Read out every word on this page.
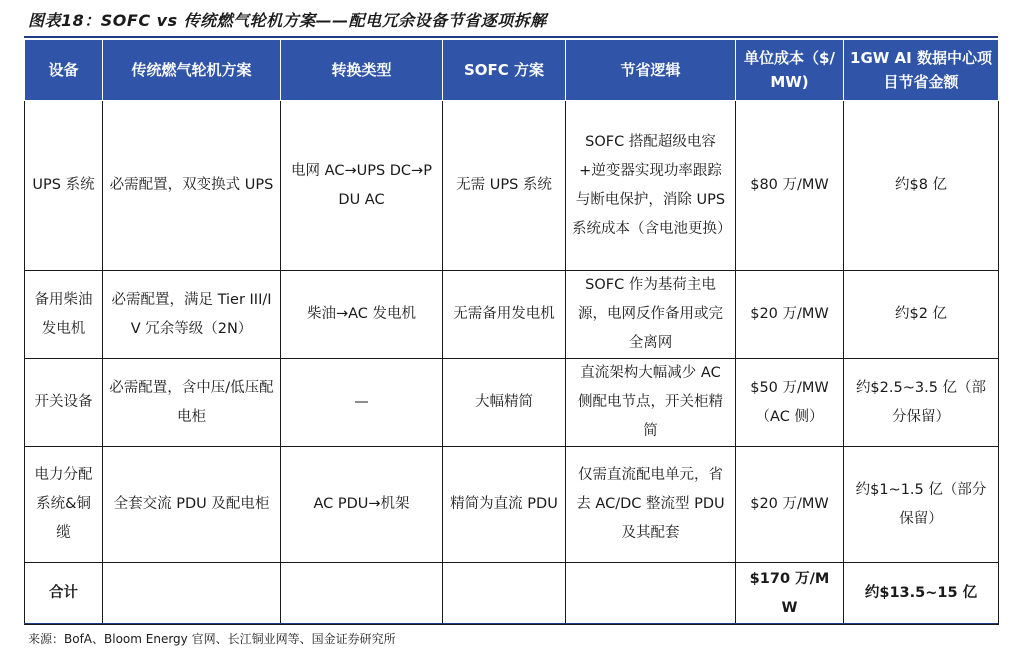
图表18：SOFC vs 传统燃气轮机方案——配电冗余设备节省逐项拆解
设备	传统燃气轮机方案	转换类型	SOFC 方案	节省逻辑	单位成本（$/MW)	1GW AI 数据中心项目节省金额
UPS 系统	必需配置，双变换式 UPS	电网 AC→UPS DC→PDU AC	无需 UPS 系统	SOFC 搭配超级电容+逆变器实现功率跟踪与断电保护，消除 UPS 系统成本（含电池更换）	$80 万/MW	约$8 亿
备用柴油发电机	必需配置，满足 Tier III/IV 冗余等级（2N）	柴油→AC 发电机	无需备用发电机	SOFC 作为基荷主电源，电网反作备用或完全离网	$20 万/MW	约$2 亿
开关设备	必需配置，含中压/低压配电柜	—	大幅精简	直流架构大幅减少 AC 侧配电节点，开关柜精简	$50 万/MW（AC 侧）	约$2.5~3.5 亿（部分保留）
电力分配系统&铜缆	全套交流 PDU 及配电柜	AC PDU→机架	精简为直流 PDU	仅需直流配电单元，省去 AC/DC 整流型 PDU 及其配套	$20 万/MW	约$1~1.5 亿（部分保留）
合计					$170 万/MW	约$13.5~15 亿
来源：BofA、Bloom Energy 官网、长江铜业网等、国金证券研究所
